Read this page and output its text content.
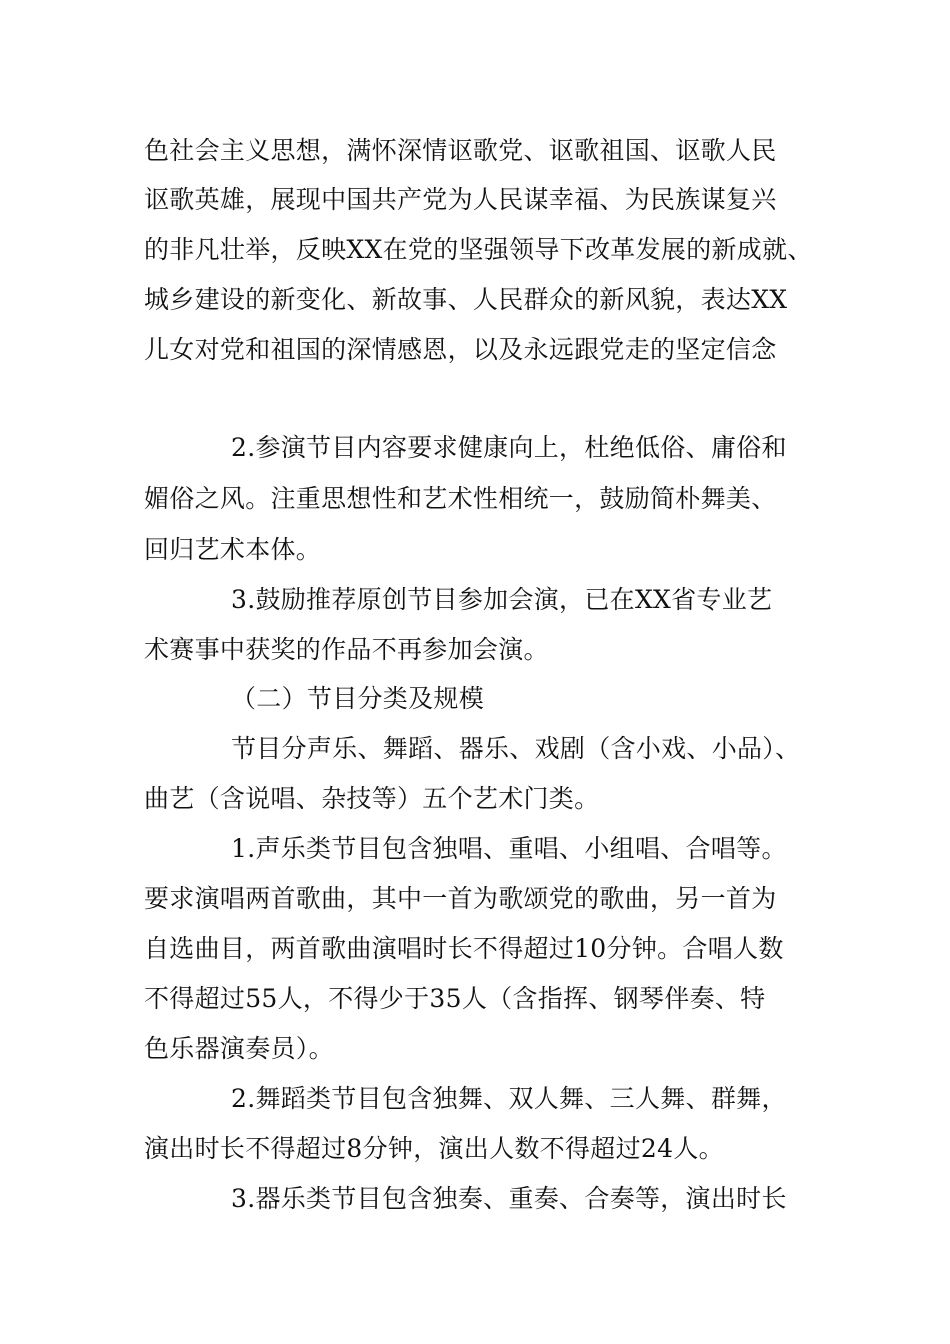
色社会主义思想，满怀深情讴歌党、讴歌祖国、讴歌人民
讴歌英雄，展现中国共产党为人民谋幸福、为民族谋复兴
的非凡壮举，反映XX在党的坚强领导下改革发展的新成就、
城乡建设的新变化、新故事、人民群众的新风貌，表达XX
儿女对党和祖国的深情感恩，以及永远跟党走的坚定信念
2.参演节目内容要求健康向上，杜绝低俗、庸俗和
媚俗之风。注重思想性和艺术性相统一，鼓励简朴舞美、
回归艺术本体。
3.鼓励推荐原创节目参加会演，已在XX省专业艺
术赛事中获奖的作品不再参加会演。
（二）节目分类及规模
节目分声乐、舞蹈、器乐、戏剧（含小戏、小品）、
曲艺（含说唱、杂技等）五个艺术门类。
1.声乐类节目包含独唱、重唱、小组唱、合唱等。
要求演唱两首歌曲，其中一首为歌颂党的歌曲，另一首为
自选曲目，两首歌曲演唱时长不得超过10分钟。合唱人数
不得超过55人，不得少于35人（含指挥、钢琴伴奏、特
色乐器演奏员）。
2.舞蹈类节目包含独舞、双人舞、三人舞、群舞，
演出时长不得超过8分钟，演出人数不得超过24人。
3.器乐类节目包含独奏、重奏、合奏等，演出时长
